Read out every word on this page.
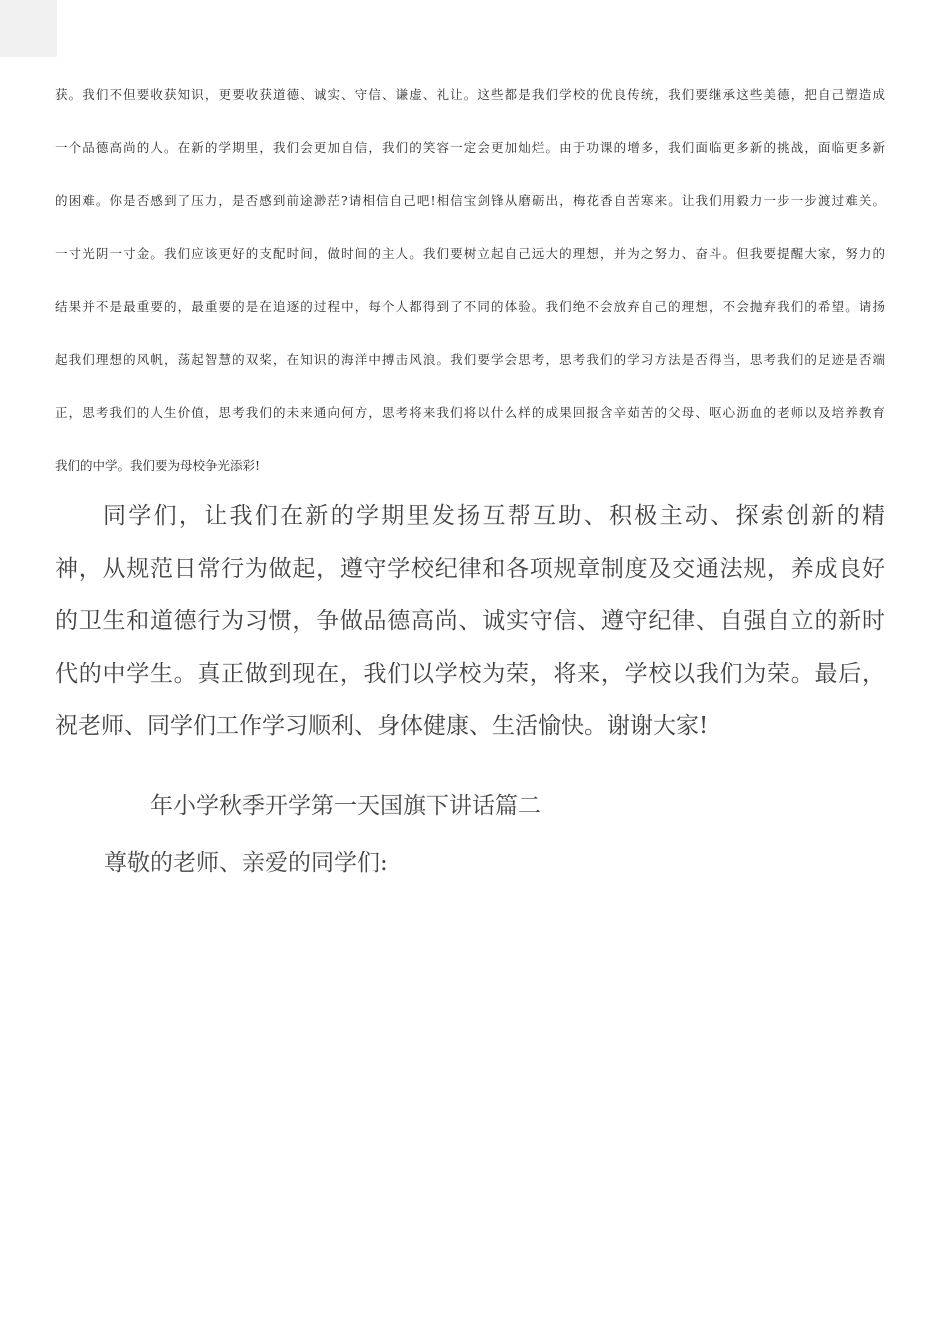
获。我们不但要收获知识，更要收获道德、诚实、守信、谦虚、礼让。这些都是我们学校的优良传统，我们要继承这些美德，把自己塑造成
一个品德高尚的人。在新的学期里，我们会更加自信，我们的笑容一定会更加灿烂。由于功课的增多，我们面临更多新的挑战，面临更多新
的困难。你是否感到了压力，是否感到前途渺茫?请相信自己吧!相信宝剑锋从磨砺出，梅花香自苦寒来。让我们用毅力一步一步渡过难关。
一寸光阴一寸金。我们应该更好的支配时间，做时间的主人。我们要树立起自己远大的理想，并为之努力、奋斗。但我要提醒大家，努力的
结果并不是最重要的，最重要的是在追逐的过程中，每个人都得到了不同的体验。我们绝不会放弃自己的理想，不会抛弃我们的希望。请扬
起我们理想的风帆，荡起智慧的双桨，在知识的海洋中搏击风浪。我们要学会思考，思考我们的学习方法是否得当，思考我们的足迹是否端
正，思考我们的人生价值，思考我们的未来通向何方，思考将来我们将以什么样的成果回报含辛茹苦的父母、呕心沥血的老师以及培养教育
我们的中学。我们要为母校争光添彩!
同学们，让我们在新的学期里发扬互帮互助、积极主动、探索创新的精
神，从规范日常行为做起，遵守学校纪律和各项规章制度及交通法规，养成良好
的卫生和道德行为习惯，争做品德高尚、诚实守信、遵守纪律、自强自立的新时
代的中学生。真正做到现在，我们以学校为荣，将来，学校以我们为荣。最后，
祝老师、同学们工作学习顺利、身体健康、生活愉快。谢谢大家!
年小学秋季开学第一天国旗下讲话篇二

尊敬的老师、亲爱的同学们:
